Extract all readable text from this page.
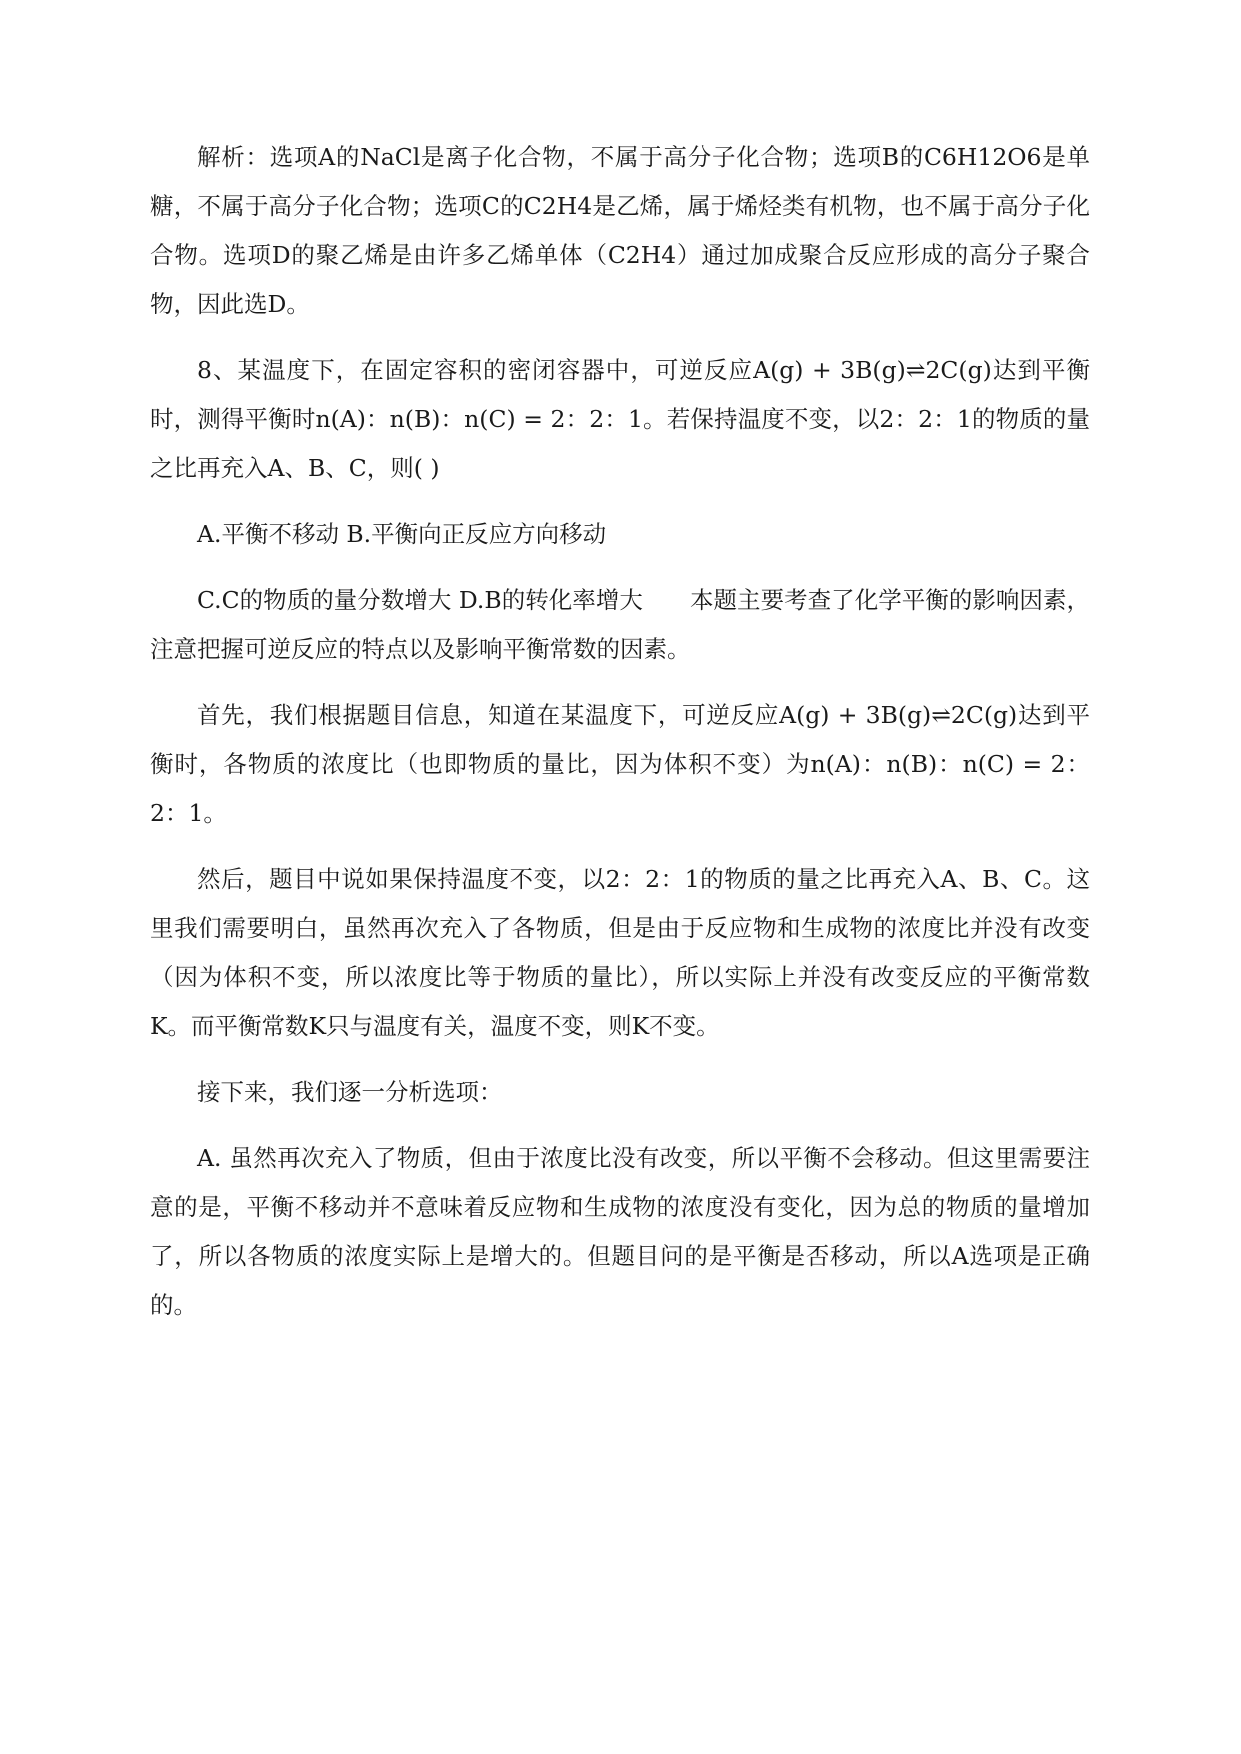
解析：选项A的NaCl是离子化合物，不属于高分子化合物；选项B的C6H12O6是单糖，不属于高分子化合物；选项C的C2H4是乙烯，属于烯烃类有机物，也不属于高分子化合物。选项D的聚乙烯是由许多乙烯单体（C2H4）通过加成聚合反应形成的高分子聚合物，因此选D。

8、某温度下，在固定容积的密闭容器中，可逆反应A(g) + 3B(g)⇌2C(g)达到平衡时，测得平衡时n(A)：n(B)：n(C) = 2：2：1。若保持温度不变，以2：2：1的物质的量之比再充入A、B、C，则( )

A.平衡不移动 B.平衡向正反应方向移动

C.C的物质的量分数增大 D.B的转化率增大　　本题主要考查了化学平衡的影响因素，注意把握可逆反应的特点以及影响平衡常数的因素。

首先，我们根据题目信息，知道在某温度下，可逆反应A(g) + 3B(g)⇌2C(g)达到平衡时，各物质的浓度比（也即物质的量比，因为体积不变）为n(A)：n(B)：n(C) = 2：2：1。

然后，题目中说如果保持温度不变，以2：2：1的物质的量之比再充入A、B、C。这里我们需要明白，虽然再次充入了各物质，但是由于反应物和生成物的浓度比并没有改变（因为体积不变，所以浓度比等于物质的量比），所以实际上并没有改变反应的平衡常数K。而平衡常数K只与温度有关，温度不变，则K不变。

接下来，我们逐一分析选项：

A. 虽然再次充入了物质，但由于浓度比没有改变，所以平衡不会移动。但这里需要注意的是，平衡不移动并不意味着反应物和生成物的浓度没有变化，因为总的物质的量增加了，所以各物质的浓度实际上是增大的。但题目问的是平衡是否移动，所以A选项是正确的。
